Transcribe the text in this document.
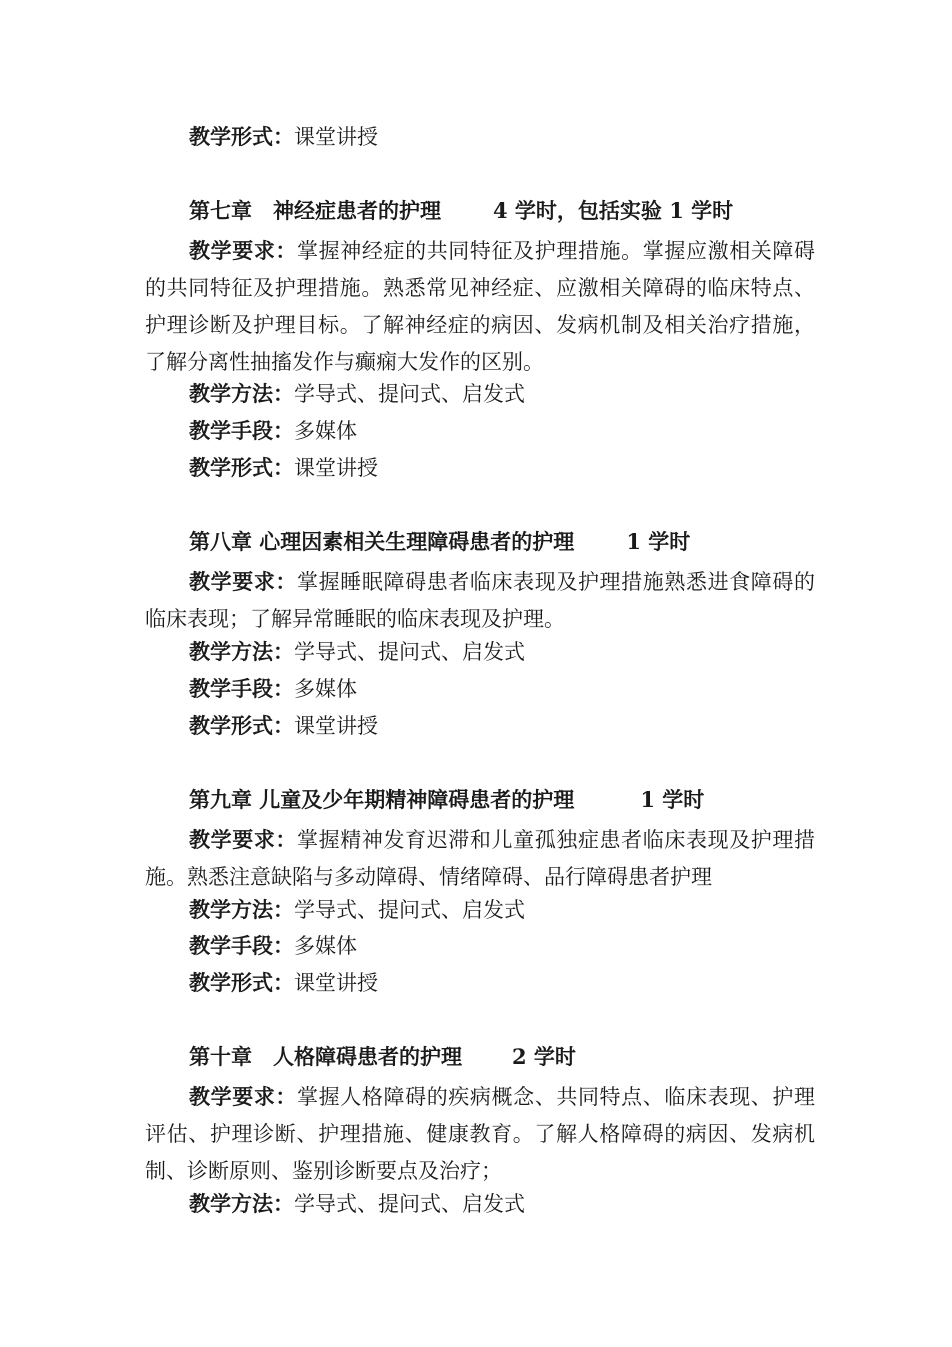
教学形式：课堂讲授
第七章　神经症患者的护理 4 学时，包括实验 1 学时
教学要求：掌握神经症的共同特征及护理措施。掌握应激相关障碍的共同特征及护理措施。熟悉常见神经症、应激相关障碍的临床特点、护理诊断及护理目标。了解神经症的病因、发病机制及相关治疗措施，了解分离性抽搐发作与癫痫大发作的区别。
教学方法：学导式、提问式、启发式
教学手段：多媒体
教学形式：课堂讲授
第八章 心理因素相关生理障碍患者的护理 1 学时
教学要求：掌握睡眠障碍患者临床表现及护理措施熟悉进食障碍的临床表现；了解异常睡眠的临床表现及护理。
教学方法：学导式、提问式、启发式
教学手段：多媒体
教学形式：课堂讲授
第九章 儿童及少年期精神障碍患者的护理	1 学时
教学要求：掌握精神发育迟滞和儿童孤独症患者临床表现及护理措施。熟悉注意缺陷与多动障碍、情绪障碍、品行障碍患者护理
教学方法：学导式、提问式、启发式
教学手段：多媒体
教学形式：课堂讲授
第十章　人格障碍患者的护理 2 学时
教学要求：掌握人格障碍的疾病概念、共同特点、临床表现、护理评估、护理诊断、护理措施、健康教育。了解人格障碍的病因、发病机制、诊断原则、鉴别诊断要点及治疗；
教学方法：学导式、提问式、启发式
